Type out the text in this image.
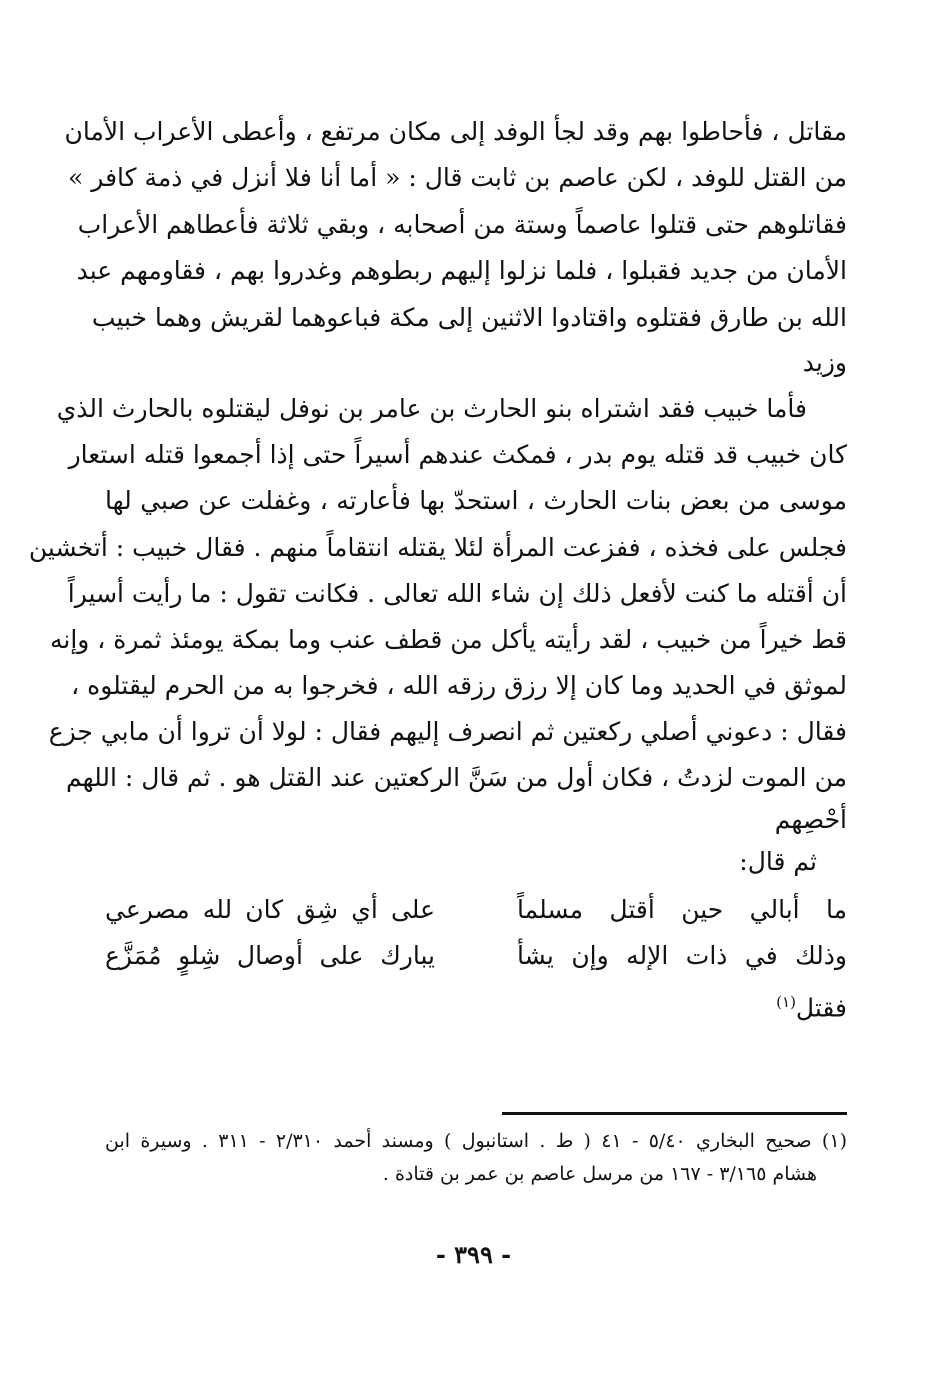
مقاتل ، فأحاطوا بهم وقد لجأ الوفد إلى مكان مرتفع ، وأعطى الأعراب الأمان
من القتل للوفد ، لكن عاصم بن ثابت قال : « أما أنا فلا أنزل في ذمة كافر »
فقاتلوهم حتى قتلوا عاصماً وستة من أصحابه ، وبقي ثلاثة فأعطاهم الأعراب
الأمان من جديد فقبلوا ، فلما نزلوا إليهم ربطوهم وغدروا بهم ، فقاومهم عبد
الله بن طارق فقتلوه واقتادوا الاثنين إلى مكة فباعوهما لقريش وهما خبيب
وزيد
فأما خبيب فقد اشتراه بنو الحارث بن عامر بن نوفل ليقتلوه بالحارث الذي
كان خبيب قد قتله يوم بدر ، فمكث عندهم أسيراً حتى إذا أجمعوا قتله استعار
موسى من بعض بنات الحارث ، استحدّ بها فأعارته ، وغفلت عن صبي لها
فجلس على فخذه ، ففزعت المرأة لئلا يقتله انتقاماً منهم . فقال خبيب : أتخشين
أن أقتله ما كنت لأفعل ذلك إن شاء الله تعالى . فكانت تقول : ما رأيت أسيراً
قط خيراً من خبيب ، لقد رأيته يأكل من قطف عنب وما بمكة يومئذ ثمرة ، وإنه
لموثق في الحديد وما كان إلا رزق رزقه الله ، فخرجوا به من الحرم ليقتلوه ،
فقال : دعوني أصلي ركعتين ثم انصرف إليهم فقال : لولا أن تروا أن مابي جزع
من الموت لزدتُ ، فكان أول من سَنَّ الركعتين عند القتل هو . ثم قال : اللهم
أحْصِهم
ثم قال:
ما أبالي حين أقتل مسلماً
على أي شِق كان لله مصرعي
وذلك في ذات الإله وإن يشأ
يبارك على أوصال شِلوٍ مُمَزَّع
فقتل$^{(١)}$
(١) صحيح البخاري ٥/٤٠ - ٤١ ( ط . استانبول ) ومسند أحمد ٢/٣١٠ - ٣١١ . وسيرة ابن
هشام ٣/١٦٥ - ١٦٧ من مرسل عاصم بن عمر بن قتادة .
- ٣٩٩ -
